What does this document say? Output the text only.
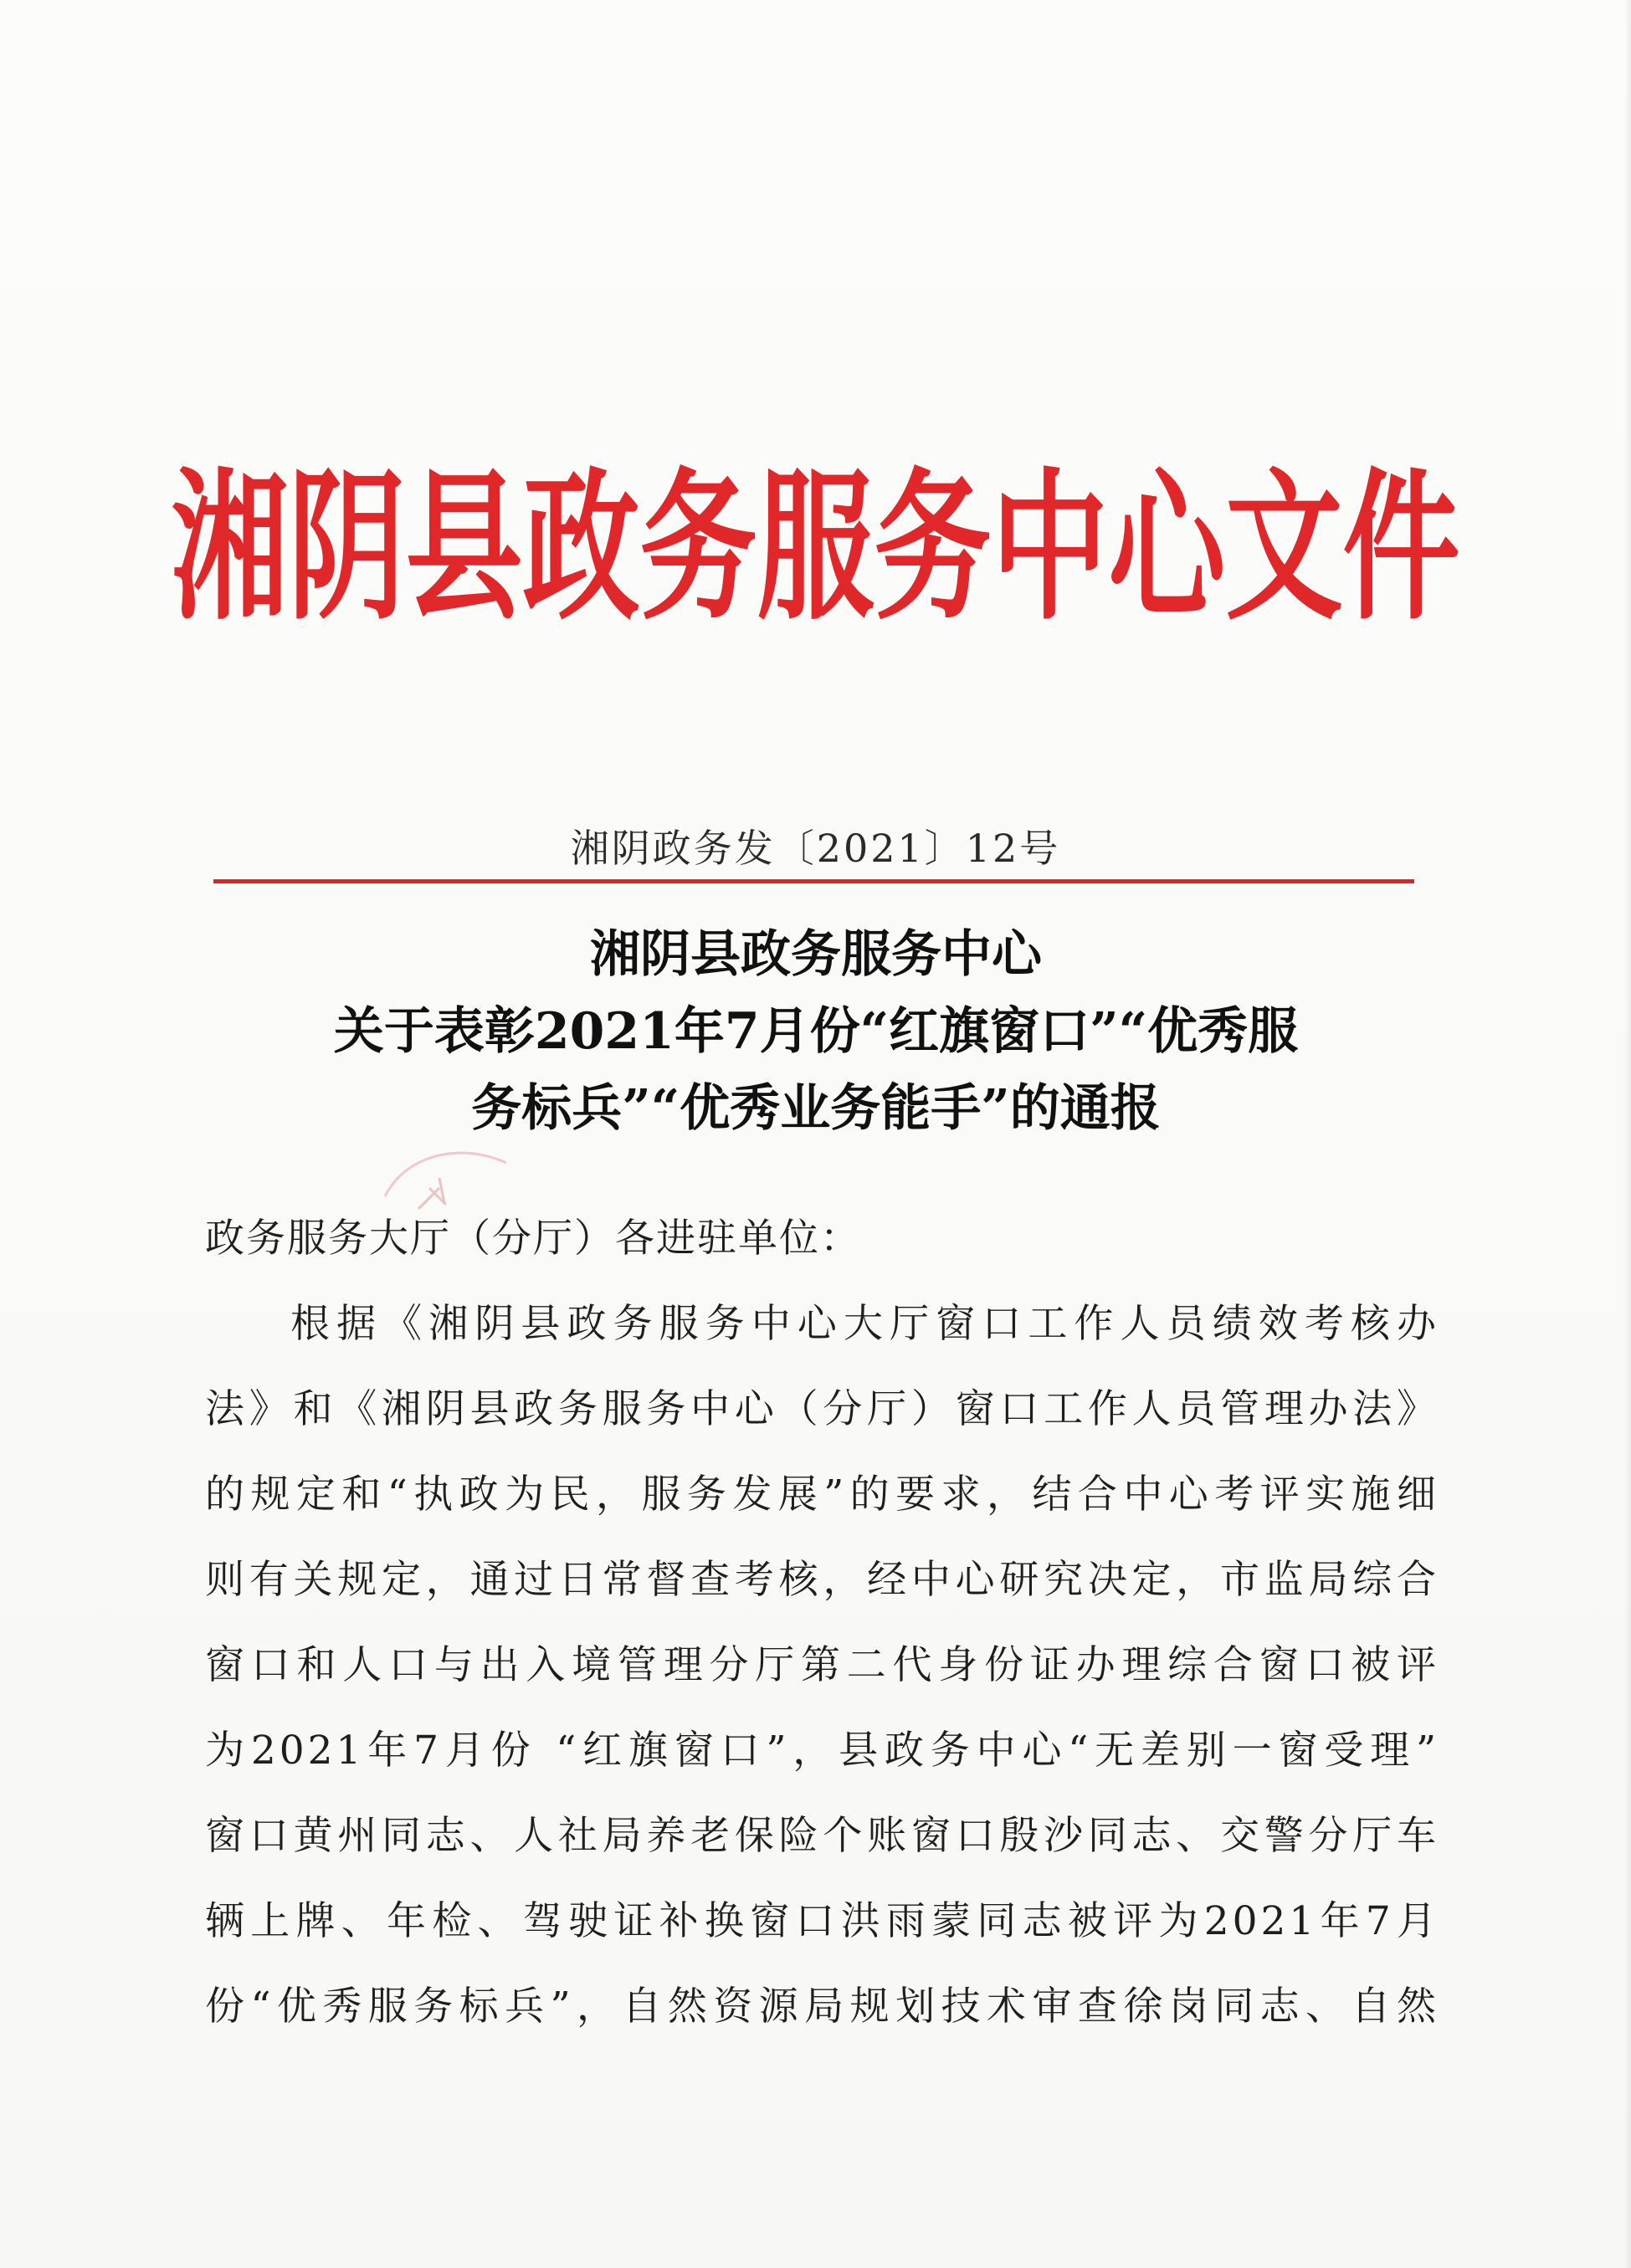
湘阴县政务服务中心文件
湘阴政务发〔2021〕12号
湘阴县政务服务中心
关于表彰2021年7月份“红旗窗口”“优秀服
务标兵”“优秀业务能手”的通报
政务服务大厅（分厅）各进驻单位：
根据《湘阴县政务服务中心大厅窗口工作人员绩效考核办
法》和《湘阴县政务服务中心（分厅）窗口工作人员管理办法》
的规定和“执政为民，服务发展”的要求，结合中心考评实施细
则有关规定，通过日常督查考核，经中心研究决定，市监局综合
窗口和人口与出入境管理分厅第二代身份证办理综合窗口被评
为2021年7月份 “红旗窗口”，县政务中心“无差别一窗受理”
窗口黄州同志、人社局养老保险个账窗口殷沙同志、交警分厅车
辆上牌、年检、驾驶证补换窗口洪雨蒙同志被评为2021年7月
份“优秀服务标兵”，自然资源局规划技术审查徐岗同志、自然
